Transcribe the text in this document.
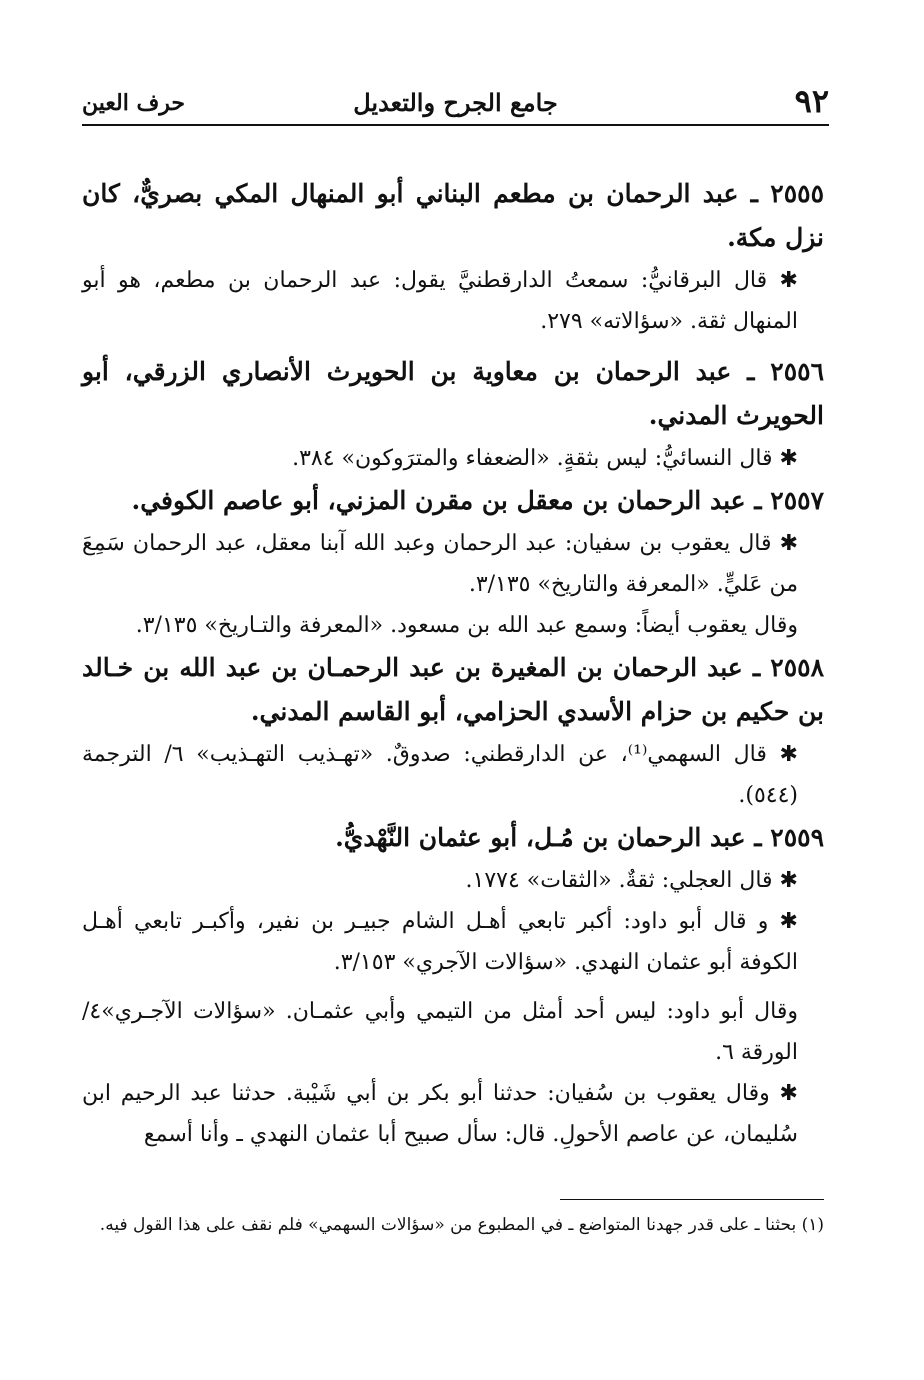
٩٢
جامع الجرح والتعديل
حرف العين

٢٥٥٥ ـ عبد الرحمان بن مطعم البناني أبو المنهال المكي بصريٌّ، كان نزل مكة.

✱ قال البرقانيُّ: سمعتُ الدارقطنيَّ يقول: عبد الرحمان بن مطعم، هو أبو المنهال ثقة. «سؤالاته» ٢٧٩.

٢٥٥٦ ـ عبد الرحمان بن معاوية بن الحويرث الأنصاري الزرقي، أبو الحويرث المدني.

✱ قال النسائيُّ: ليس بثقةٍ. «الضعفاء والمترَوكون» ٣٨٤.

٢٥٥٧ ـ عبد الرحمان بن معقل بن مقرن المزني، أبو عاصم الكوفي.

✱ قال يعقوب بن سفيان: عبد الرحمان وعبد الله آبنا معقل، عبد الرحمان سَمِعَ من عَليٍّ. «المعرفة والتاريخ» ٣/١٣٥.

وقال يعقوب أيضاً: وسمع عبد الله بن مسعود. «المعرفة والتـاريخ» ٣/١٣٥.

٢٥٥٨ ـ عبد الرحمان بن المغيرة بن عبد الرحمـان بن عبد الله بن خـالد بن حكيم بن حزام الأسدي الحزامي، أبو القاسم المدني.

✱ قال السهمي⁽¹⁾، عن الدارقطني: صدوقٌ. «تهـذيب التهـذيب» ٦/ الترجمة (٥٤٤).

٢٥٥٩ ـ عبد الرحمان بن مُـل، أبو عثمان النَّهْديُّ.

✱ قال العجلي: ثقةٌ. «الثقات» ١٧٧٤.

✱ و قال أبو داود: أكبر تابعي أهـل الشام جبيـر بن نفير، وأكبـر تابعي أهـل الكوفة أبو عثمان النهدي. «سؤالات الآجري» ٣/١٥٣.

وقال أبو داود: ليس أحد أمثل من التيمي وأبي عثمـان. «سؤالات الآجـري»٤/ الورقة ٦.

✱ وقال يعقوب بن سُفيان: حدثنا أبو بكر بن أبي شَيْبة. حدثنا عبد الرحيم ابن سُليمان، عن عاصم الأحولِ. قال: سأل صبيح أبا عثمان النهدي ـ وأنا أسمع

(١) بحثنا ـ على قدر جهدنا المتواضع ـ في المطبوع من «سؤالات السهمي» فلم نقف على هذا القول فيه.
